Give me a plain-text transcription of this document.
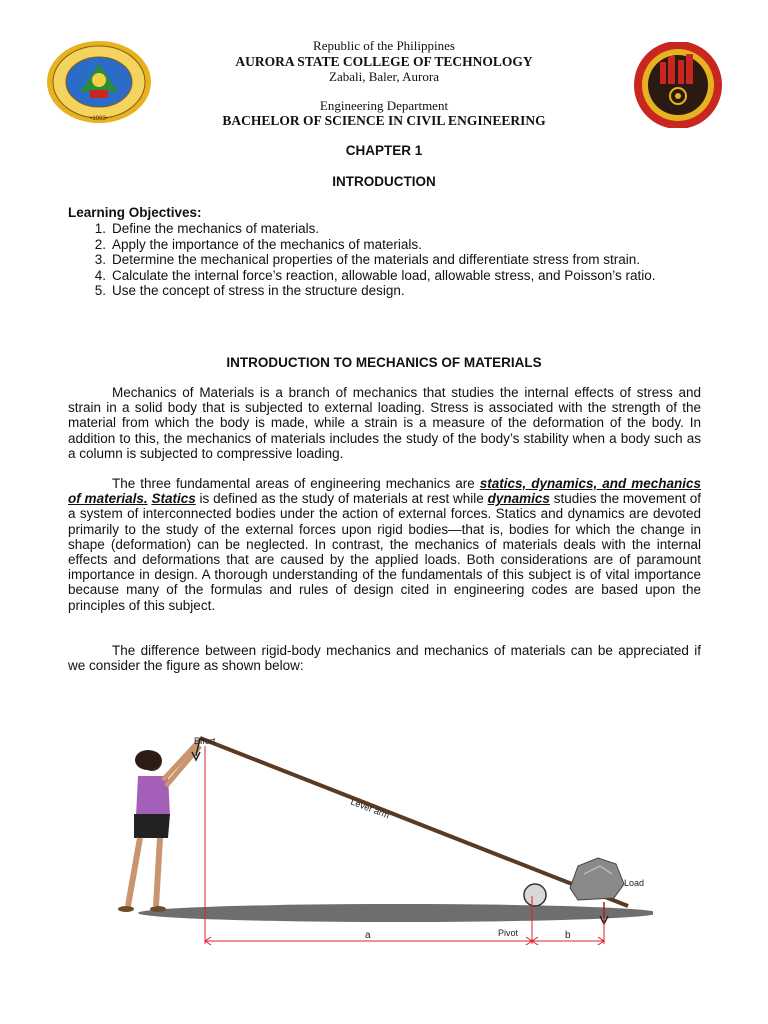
•1993•
Republic of the Philippines
AURORA STATE COLLEGE OF TECHNOLOGY
Zabali, Baler, Aurora
Engineering Department
BACHELOR OF SCIENCE IN CIVIL ENGINEERING
CHAPTER 1
INTRODUCTION
Learning Objectives:
1. Define the mechanics of materials.
2. Apply the importance of the mechanics of materials.
3. Determine the mechanical properties of the materials and differentiate stress from strain.
4. Calculate the internal force’s reaction, allowable load, allowable stress, and Poisson’s ratio.
5. Use the concept of stress in the structure design.
INTRODUCTION TO MECHANICS OF MATERIALS
Mechanics of Materials is a branch of mechanics that studies the internal effects of stress and strain in a solid body that is subjected to external loading. Stress is associated with the strength of the material from which the body is made, while a strain is a measure of the deformation of the body. In addition to this, the mechanics of materials includes the study of the body’s stability when a body such as a column is subjected to compressive loading.
The three fundamental areas of engineering mechanics are statics, dynamics, and mechanics of materials. Statics is defined as the study of materials at rest while dynamics studies the movement of a system of interconnected bodies under the action of external forces. Statics and dynamics are devoted primarily to the study of the external forces upon rigid bodies—that is, bodies for which the change in shape (deformation) can be neglected. In contrast, the mechanics of materials deals with the internal effects and deformations that are caused by the applied loads. Both considerations are of paramount importance in design. A thorough understanding of the fundamentals of this subject is of vital importance because many of the formulas and rules of design cited in engineering codes are based upon the principles of this subject.
The difference between rigid-body mechanics and mechanics of materials can be appreciated if we consider the figure as shown below:
Effort
Lever arm
Pivot
Load
a	b
